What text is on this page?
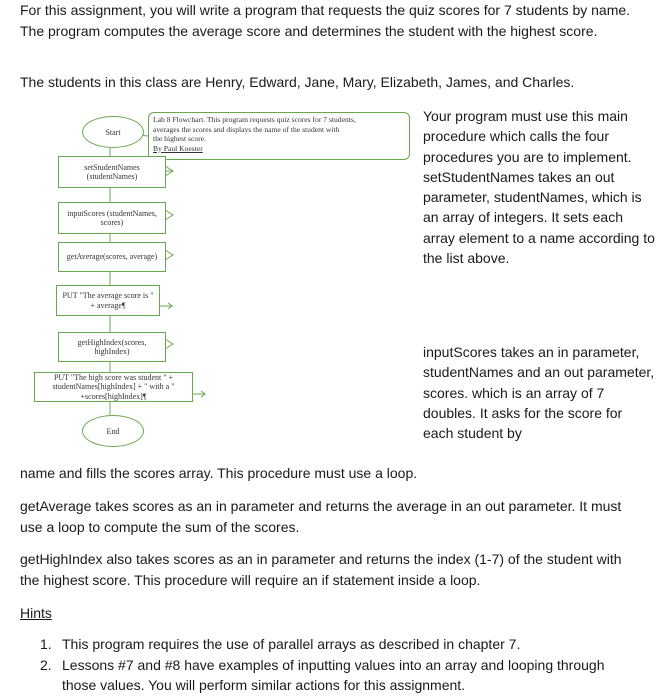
For this assignment, you will write a program that requests the quiz scores for 7 students by name. The program computes the average score and determines the student with the highest score.

The students in this class are Henry, Edward, Jane, Mary, Elizabeth, James, and Charles.

Start
Lab 8 Flowchart. This program requests quiz scores for 7 students,
averages the scores and displays the name of the student with
the highest score.
By Paul Koester
setStudentNames (studentNames)
inputScores (studentNames, scores)
getAverage(scores, average)
PUT "The average score is " + average¶
getHighIndex(scores, highIndex)
PUT "The high score was student " + studentNames[highIndex] + " with a " +scores[highIndex]¶
End

Your program must use this main procedure which calls the four procedures you are to implement. setStudentNames takes an out parameter, studentNames, which is an array of integers. It sets each array element to a name according to the list above.

inputScores takes an in parameter, studentNames and an out parameter, scores. which is an array of 7 doubles. It asks for the score for each student by

name and fills the scores array. This procedure must use a loop.

getAverage takes scores as an in parameter and returns the average in an out parameter. It must use a loop to compute the sum of the scores.

getHighIndex also takes scores as an in parameter and returns the index (1-7) of the student with the highest score. This procedure will require an if statement inside a loop.

Hints
1. This program requires the use of parallel arrays as described in chapter 7.
2. Lessons #7 and #8 have examples of inputting values into an array and looping through those values. You will perform similar actions for this assignment.
